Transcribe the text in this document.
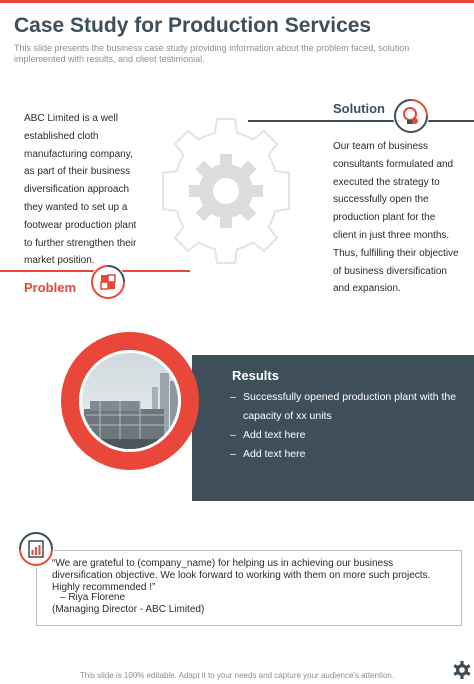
Case Study for Production Services
This slide presents the business case study providing information about the problem faced, solution implemented with results, and client testimonial.
ABC Limited is a well established cloth manufacturing company, as part of their business diversification approach they wanted to set up a footwear production plant to further strengthen their market position.
Solution
Our team of business consultants formulated and executed the strategy to successfully open the production plant for the client in just three months. Thus, fulfilling their objective of business diversification and expansion.
Problem
Results
– Successfully opened production plant with the capacity of xx units
– Add text here
– Add text here
“We are grateful to (company_name) for helping us in achieving our business diversification objective. We look forward to working with them on more such projects. Highly recommended !”
– Riya Florene
(Managing Director - ABC Limited)
This slide is 100% editable. Adapt it to your needs and capture your audience's attention.
